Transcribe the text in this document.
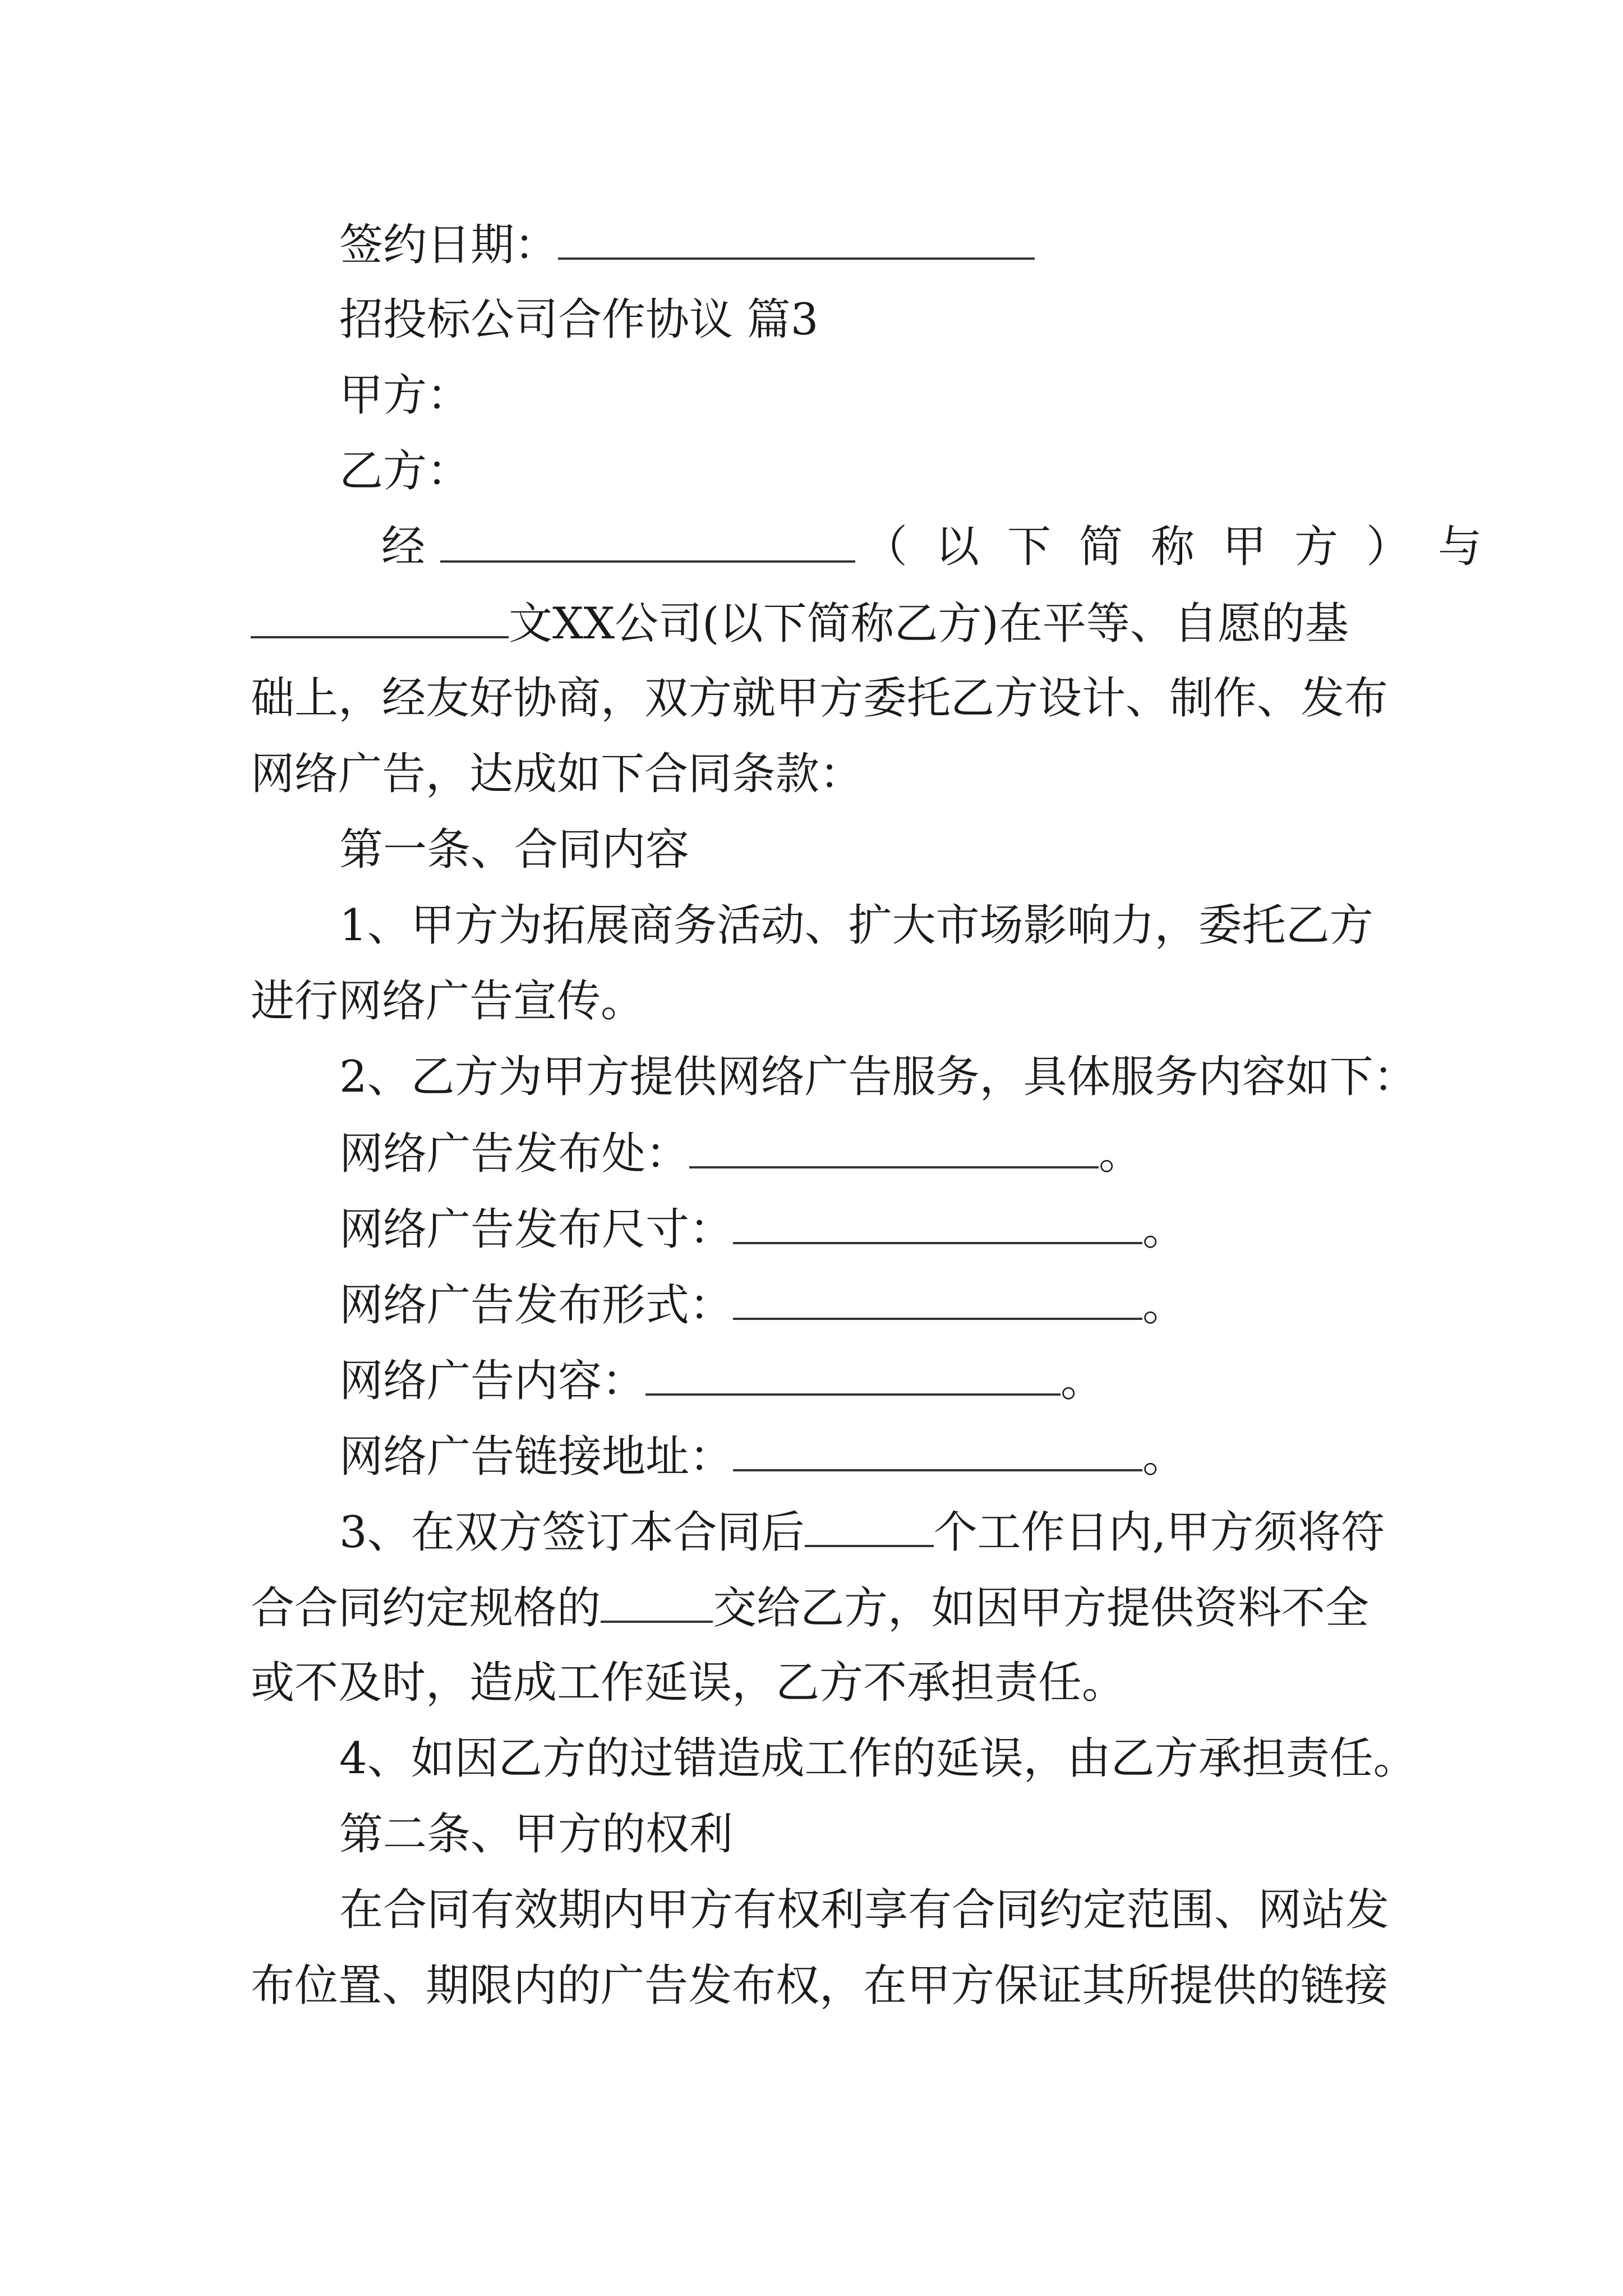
签约日期：
招投标公司合作协议 篇3
甲方：
乙方：
经	（以下简称甲方）与
文XX公司(以下简称乙方)在平等、自愿的基
础上，经友好协商，双方就甲方委托乙方设计、制作、发布
网络广告，达成如下合同条款：
第一条、合同内容
1、甲方为拓展商务活动、扩大市场影响力，委托乙方
进行网络广告宣传。
2、乙方为甲方提供网络广告服务，具体服务内容如下：
网络广告发布处：	。
网络广告发布尺寸：	。
网络广告发布形式：	。
网络广告内容：	。
网络广告链接地址：	。
3、在双方签订本合同后	个工作日内,甲方须将符
合合同约定规格的	交给乙方，如因甲方提供资料不全
或不及时，造成工作延误，乙方不承担责任。
4、如因乙方的过错造成工作的延误，由乙方承担责任。
第二条、甲方的权利
在合同有效期内甲方有权利享有合同约定范围、网站发
布位置、期限内的广告发布权，在甲方保证其所提供的链接
